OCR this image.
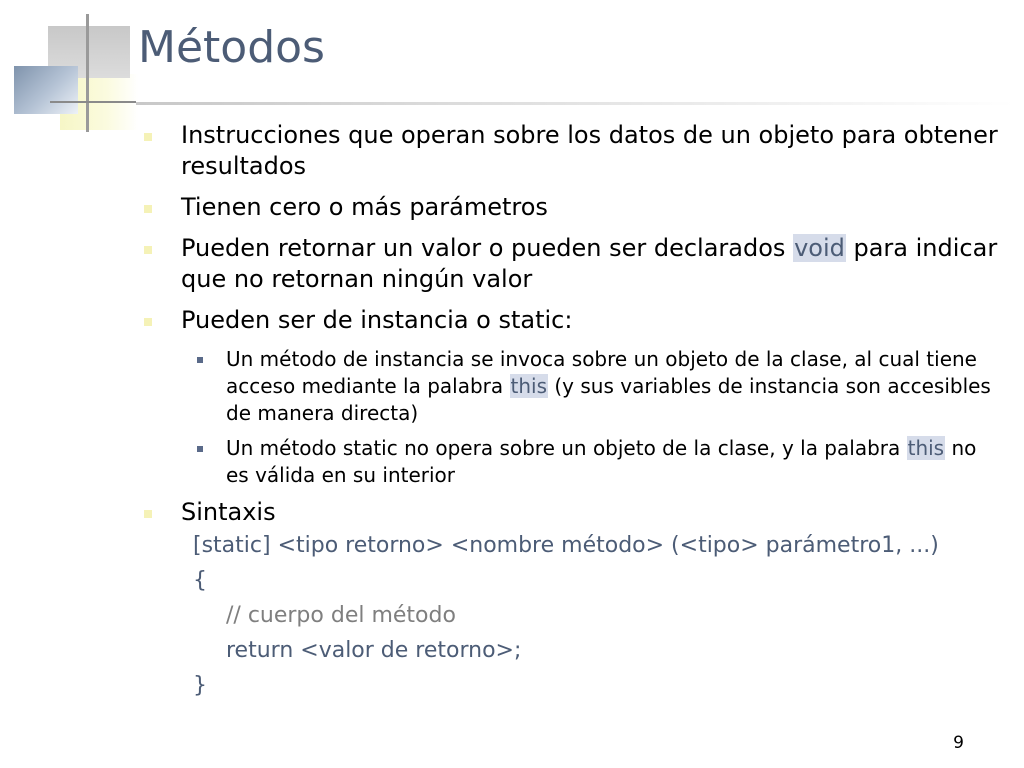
Métodos
Instrucciones que operan sobre los datos de un objeto para obtener resultados
Tienen cero o más parámetros
Pueden retornar un valor o pueden ser declarados void para indicar que no retornan ningún valor
Pueden ser de instancia o static:
Un método de instancia se invoca sobre un objeto de la clase, al cual tiene acceso mediante la palabra this (y sus variables de instancia son accesibles de manera directa)
Un método static no opera sobre un objeto de la clase, y la palabra this no es válida en su interior
Sintaxis
[static] <tipo retorno> <nombre método> (<tipo> parámetro1, ...)
{
// cuerpo del método
return <valor de retorno>;
}
9
